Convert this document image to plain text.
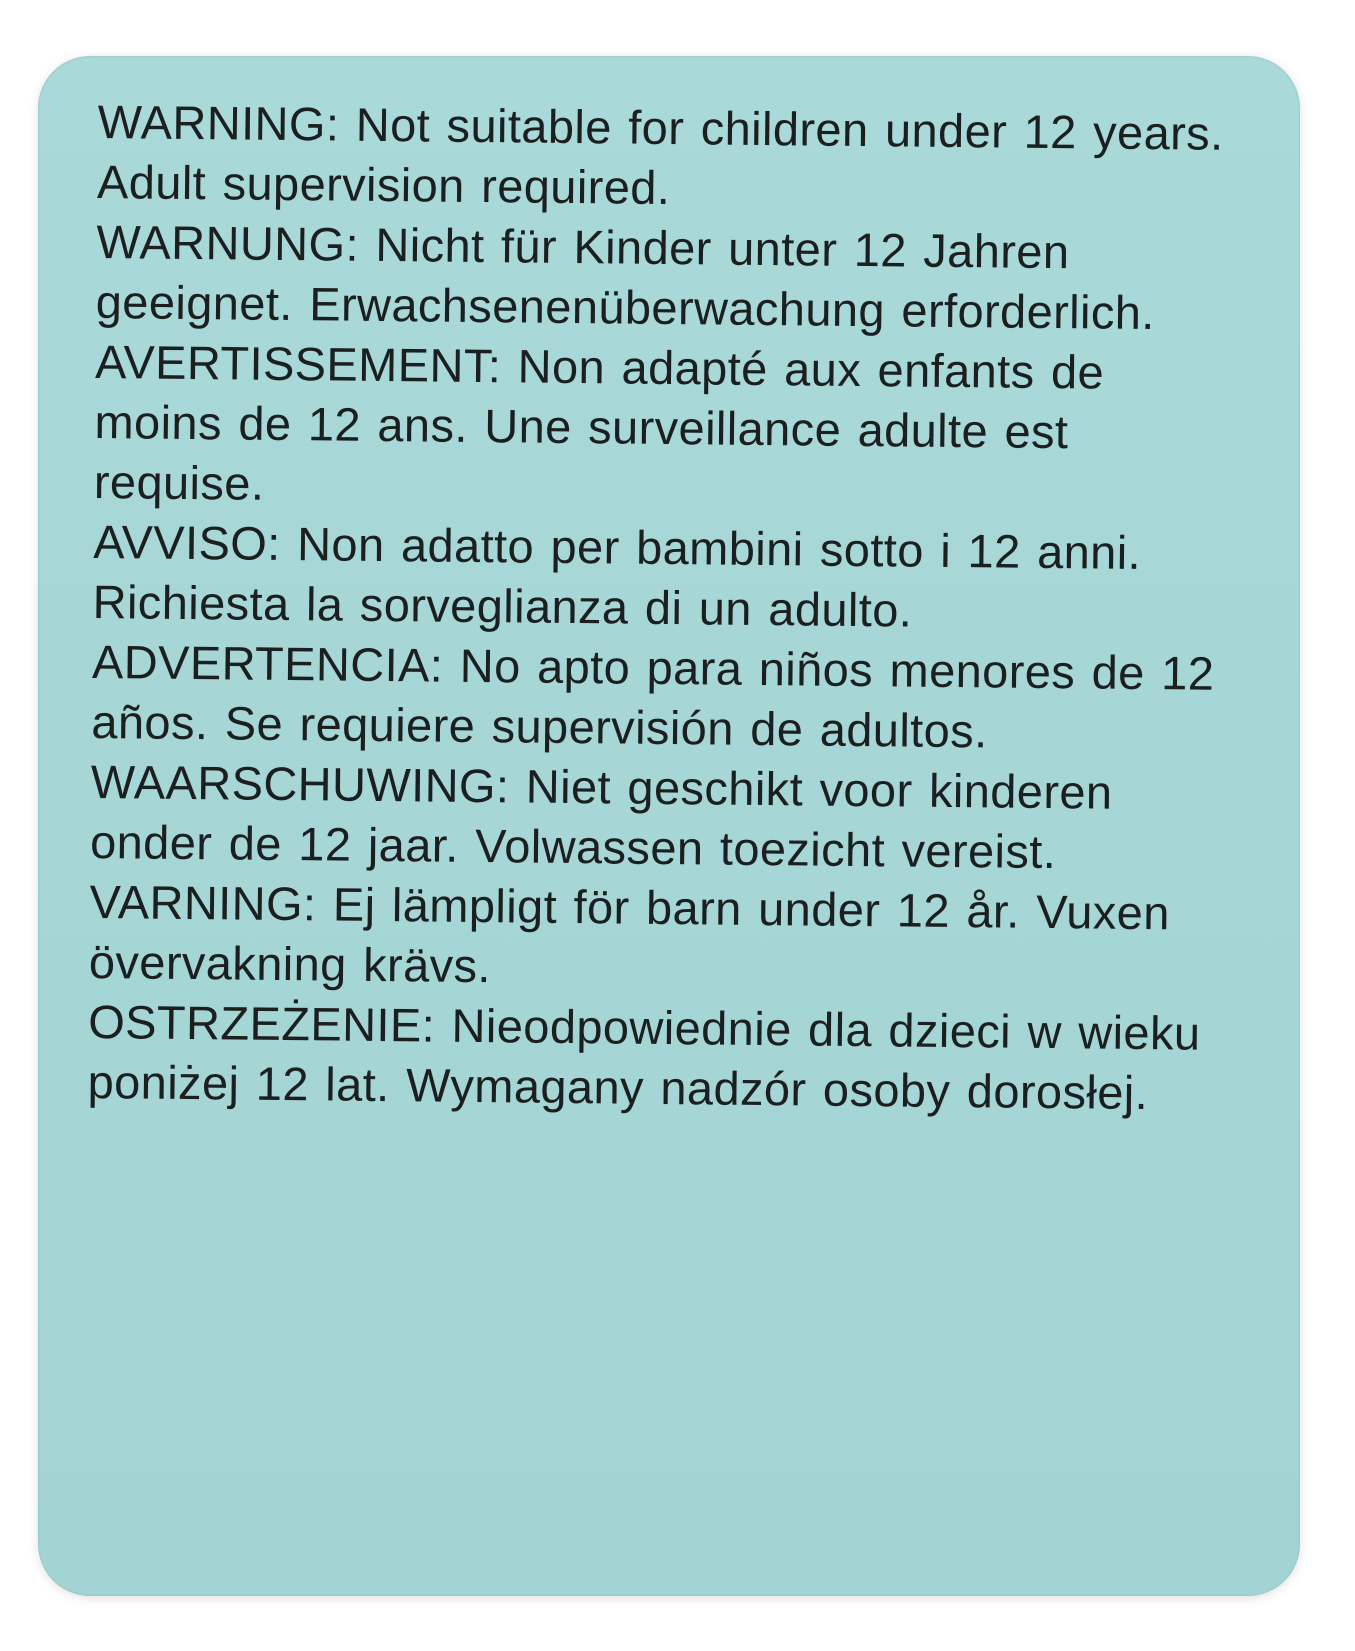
WARNING: Not suitable for children under 12 years. Adult supervision required.

WARNUNG: Nicht für Kinder unter 12 Jahren geeignet. Erwachsenenüberwachung erforderlich.

AVERTISSEMENT: Non adapté aux enfants de moins de 12 ans. Une surveillance adulte est requise.

AVVISO: Non adatto per bambini sotto i 12 anni. Richiesta la sorveglianza di un adulto.

ADVERTENCIA: No apto para niños menores de 12 años. Se requiere supervisión de adultos.

WAARSCHUWING: Niet geschikt voor kinderen onder de 12 jaar. Volwassen toezicht vereist.

VARNING: Ej lämpligt för barn under 12 år. Vuxen övervakning krävs.

OSTRZEŻENIE: Nieodpowiednie dla dzieci w wieku poniżej 12 lat. Wymagany nadzór osoby dorosłej.
